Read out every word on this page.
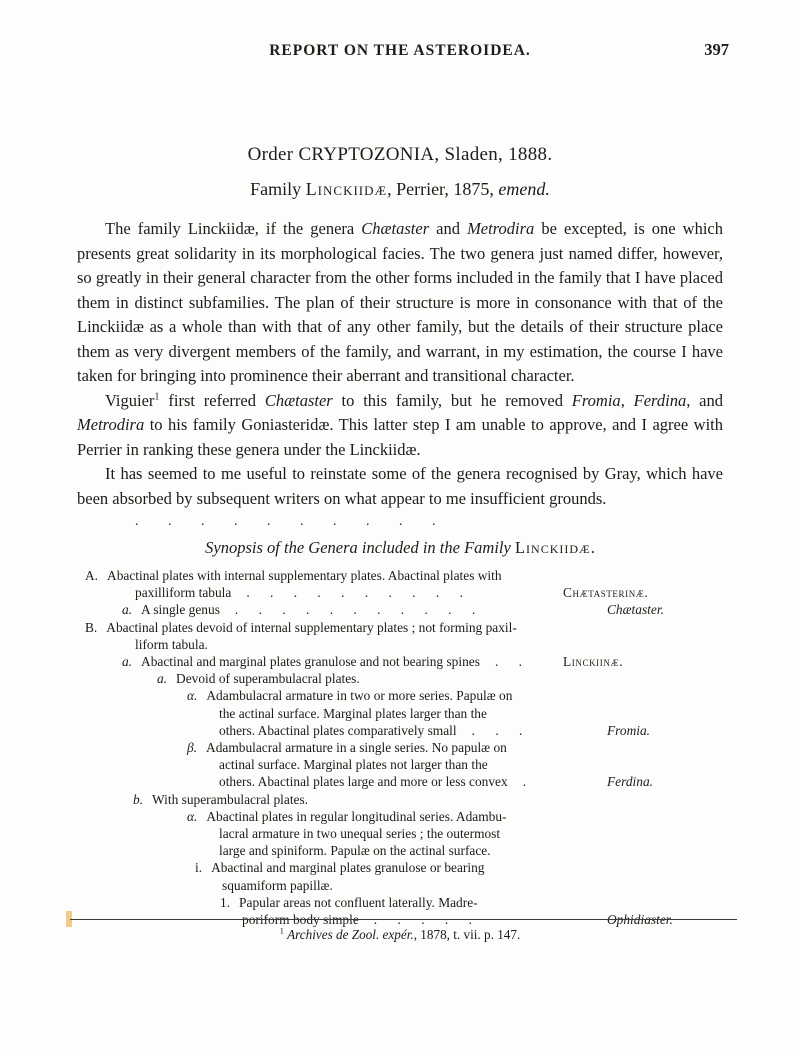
REPORT ON THE ASTEROIDEA.	397
Order CRYPTOZONIA, Sladen, 1888.
Family Linckiidæ, Perrier, 1875, emend.

The family Linckiidæ, if the genera Chætaster and Metrodira be excepted, is one which presents great solidarity in its morphological facies. The two genera just named differ, however, so greatly in their general character from the other forms included in the family that I have placed them in distinct subfamilies. The plan of their structure is more in consonance with that of the Linckiidæ as a whole than with that of any other family, but the details of their structure place them as very divergent members of the family, and warrant, in my estimation, the course I have taken for bringing into prominence their aberrant and transitional character.

Viguier$^1$ first referred Chætaster to this family, but he removed Fromia, Ferdina, and Metrodira to his family Goniasteridæ. This latter step I am unable to approve, and I agree with Perrier in ranking these genera under the Linckiidæ.

It has seemed to me useful to reinstate some of the genera recognised by Gray, which have been absorbed by subsequent writers on what appear to me insufficient grounds.

. . . . . . . . . .
Synopsis of the Genera included in the Family Linckiidæ.
A. Abactinal plates with internal supplementary plates. Abactinal plates with
paxilliform tabula . . . . . . . . . .	Chætasterinæ.
a. A single genus . . . . . . . . . . .	Chætaster.
B. Abactinal plates devoid of internal supplementary plates ; not forming paxil-
liform tabula.
a. Abactinal and marginal plates granulose and not bearing spines . .	Linckiinæ.
a. Devoid of superambulacral plates.
α. Adambulacral armature in two or more series. Papulæ on
the actinal surface. Marginal plates larger than the
others. Abactinal plates comparatively small . . .	Fromia.
β. Adambulacral armature in a single series. No papulæ on
actinal surface. Marginal plates not larger than the
others. Abactinal plates large and more or less convex .	Ferdina.
b. With superambulacral plates.
α. Abactinal plates in regular longitudinal series. Adambu-
lacral armature in two unequal series ; the outermost
large and spiniform. Papulæ on the actinal surface.
i. Abactinal and marginal plates granulose or bearing
squamiform papillæ.
1. Papular areas not confluent laterally. Madre-
poriform body simple . . . . .	Ophidiaster.
$^1$ Archives de Zool. expér., 1878, t. vii. p. 147.
